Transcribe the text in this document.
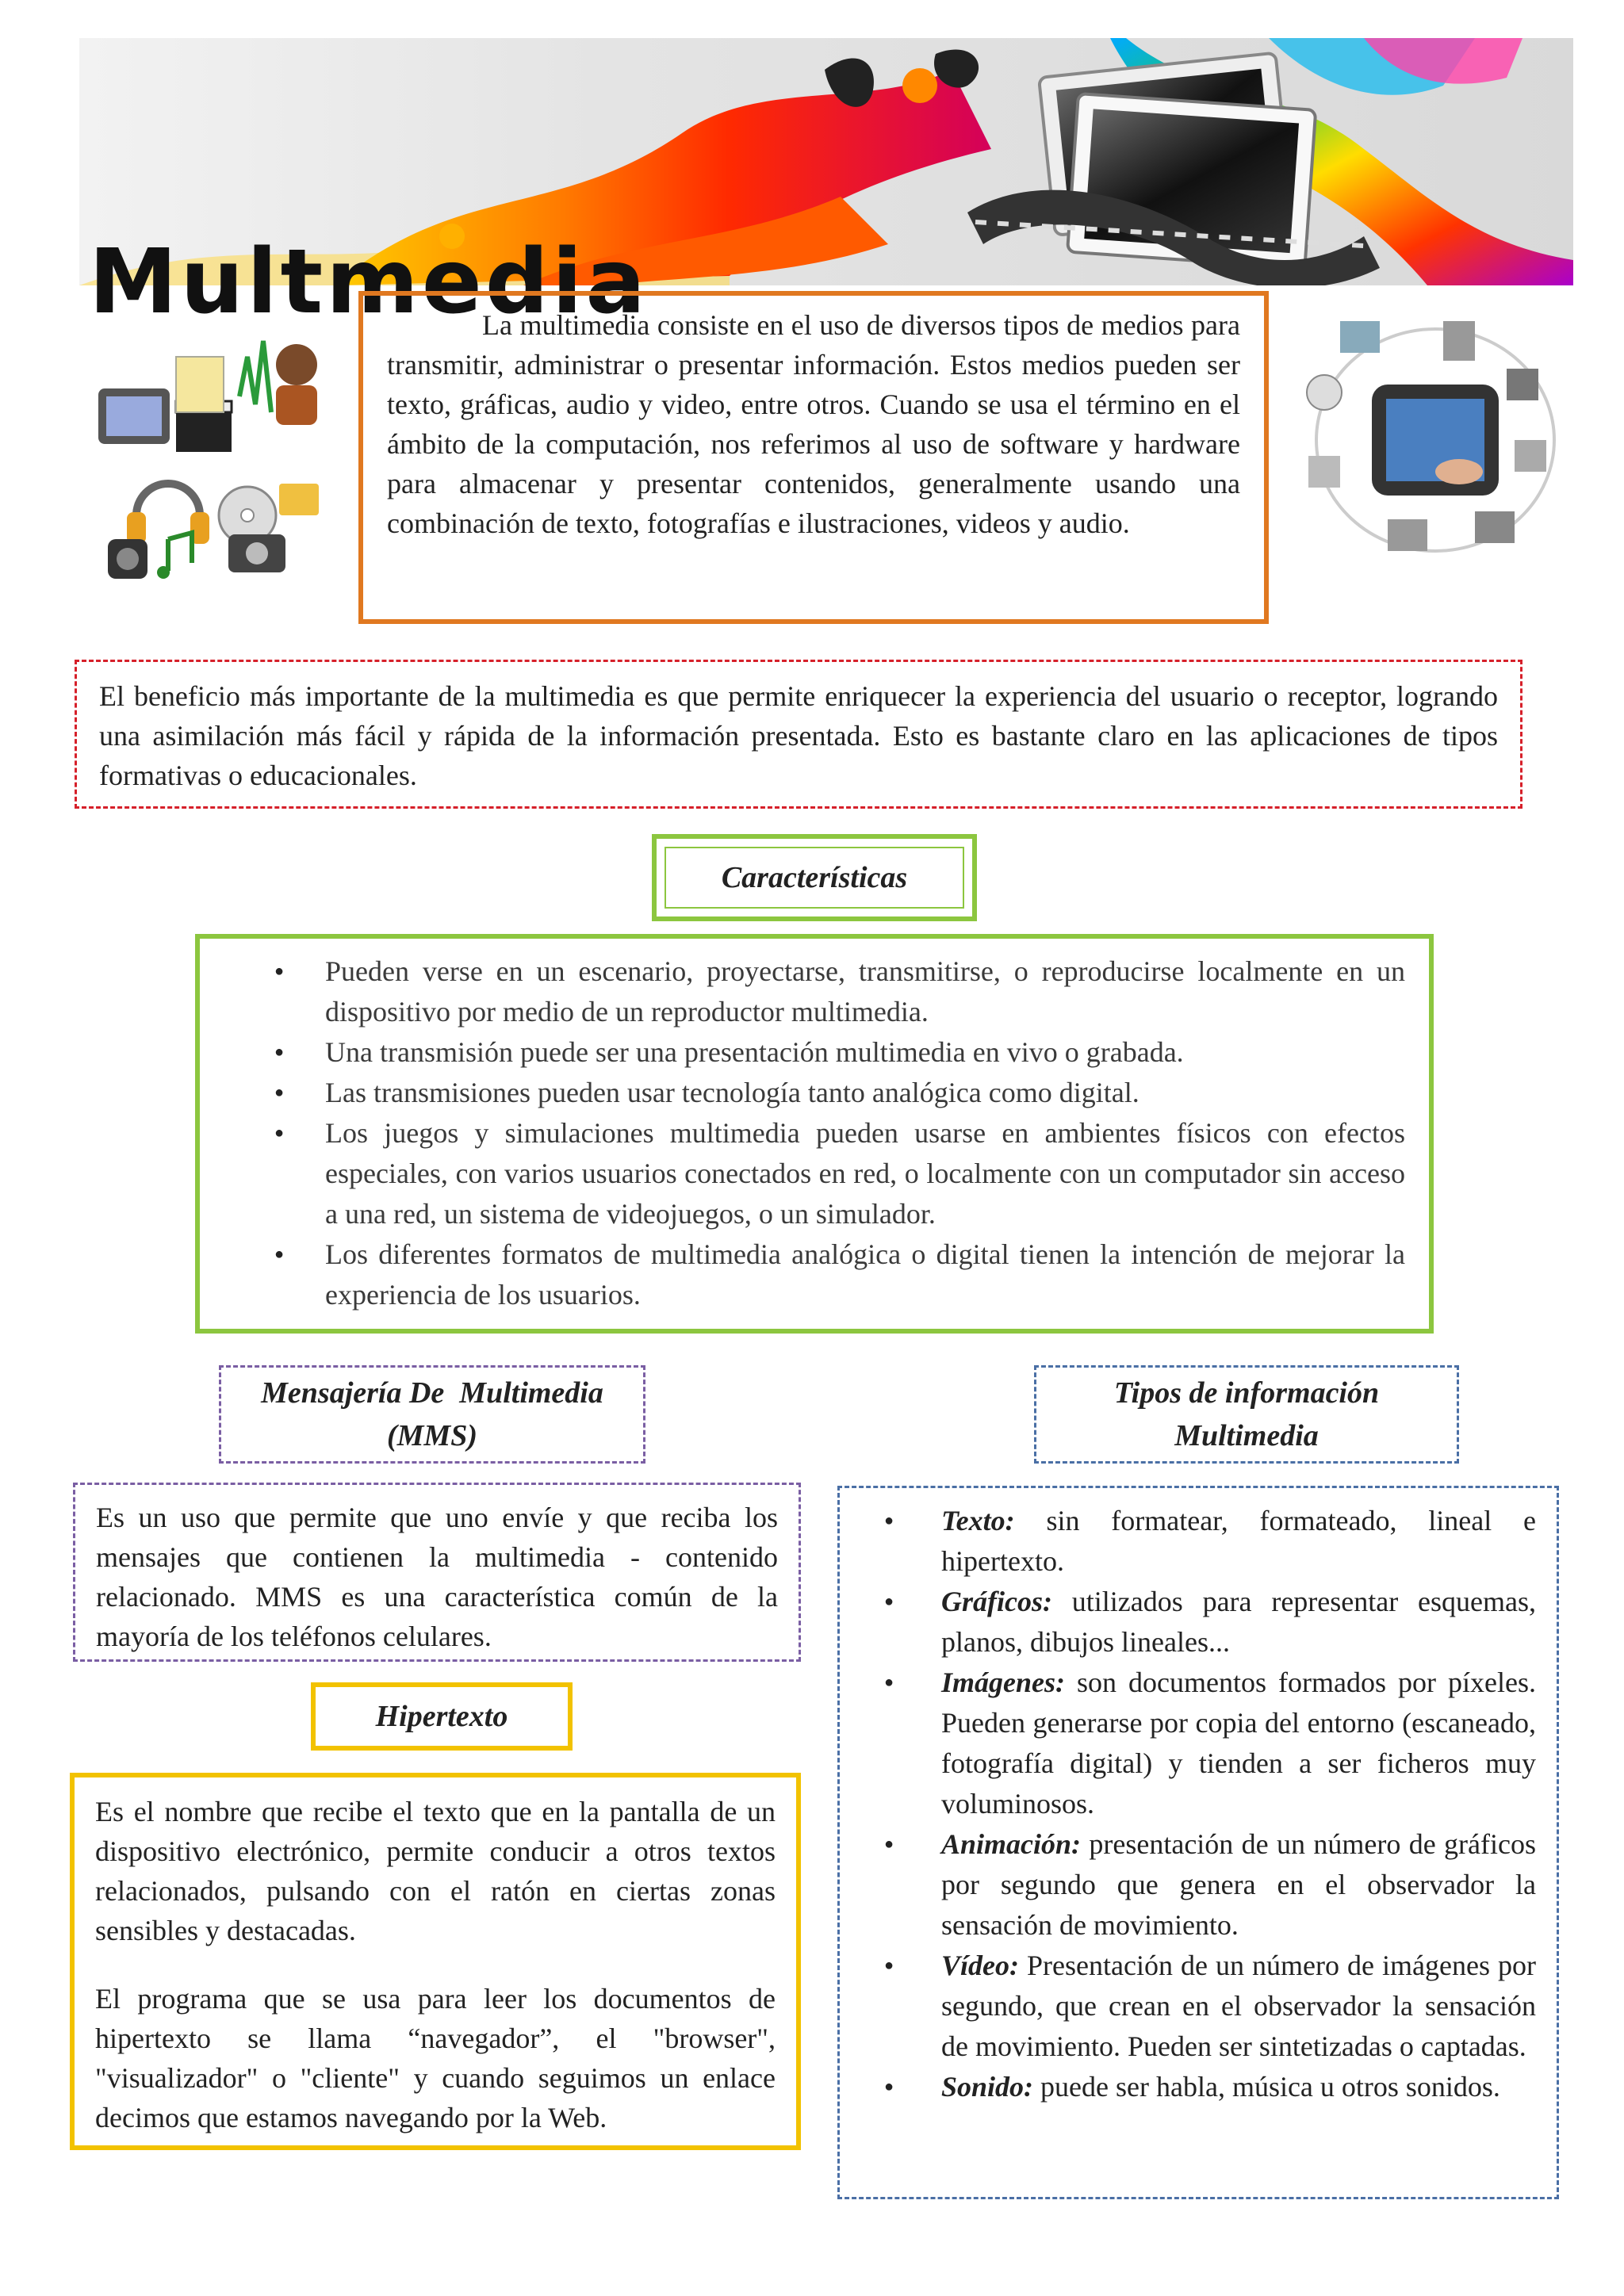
Multmedia
La multimedia consiste en el uso de diversos tipos de medios para transmitir, administrar o presentar información. Estos medios pueden ser texto, gráficas, audio y video, entre otros. Cuando se usa el término en el ámbito de la computación, nos referimos al uso de software y hardware para almacenar y presentar contenidos, generalmente usando una combinación de texto, fotografías e ilustraciones, videos y audio.
El beneficio más importante de la multimedia es que permite enriquecer la experiencia del usuario o receptor, logrando una asimilación más fácil y rápida de la información presentada. Esto es bastante claro en las aplicaciones de tipos formativas o educacionales.
Características
● Pueden verse en un escenario, proyectarse, transmitirse, o reproducirse localmente en un dispositivo por medio de un reproductor multimedia.
● Una transmisión puede ser una presentación multimedia en vivo o grabada.
● Las transmisiones pueden usar tecnología tanto analógica como digital.
● Los juegos y simulaciones multimedia pueden usarse en ambientes físicos con efectos especiales, con varios usuarios conectados en red, o localmente con un computador sin acceso a una red, un sistema de videojuegos, o un simulador.
● Los diferentes formatos de multimedia analógica o digital tienen la intención de mejorar la experiencia de los usuarios.
Mensajería De  Multimedia
(MMS)
Tipos de información
Multimedia
Es un uso que permite que uno envíe y que reciba los mensajes que contienen la multimedia - contenido relacionado. MMS es una característica común de la mayoría de los teléfonos celulares.
Hipertexto

Es el nombre que recibe el texto que en la pantalla de un dispositivo electrónico, permite conducir a otros textos relacionados, pulsando con el ratón en ciertas zonas sensibles y destacadas.

El programa que se usa para leer los documentos de hipertexto se llama “navegador”, el "browser", "visualizador" o "cliente" y cuando seguimos un enlace decimos que estamos navegando por la Web.

● Texto: sin formatear, formateado, lineal e hipertexto.
● Gráficos: utilizados para representar esquemas, planos, dibujos lineales...
● Imágenes: son documentos formados por píxeles. Pueden generarse por copia del entorno (escaneado, fotografía digital) y tienden a ser ficheros muy voluminosos.
● Animación: presentación de un número de gráficos por segundo que genera en el observador la sensación de movimiento.
● Vídeo: Presentación de un número de imágenes por segundo, que crean en el observador la sensación de movimiento. Pueden ser sintetizadas o captadas.
● Sonido: puede ser habla, música u otros sonidos.
